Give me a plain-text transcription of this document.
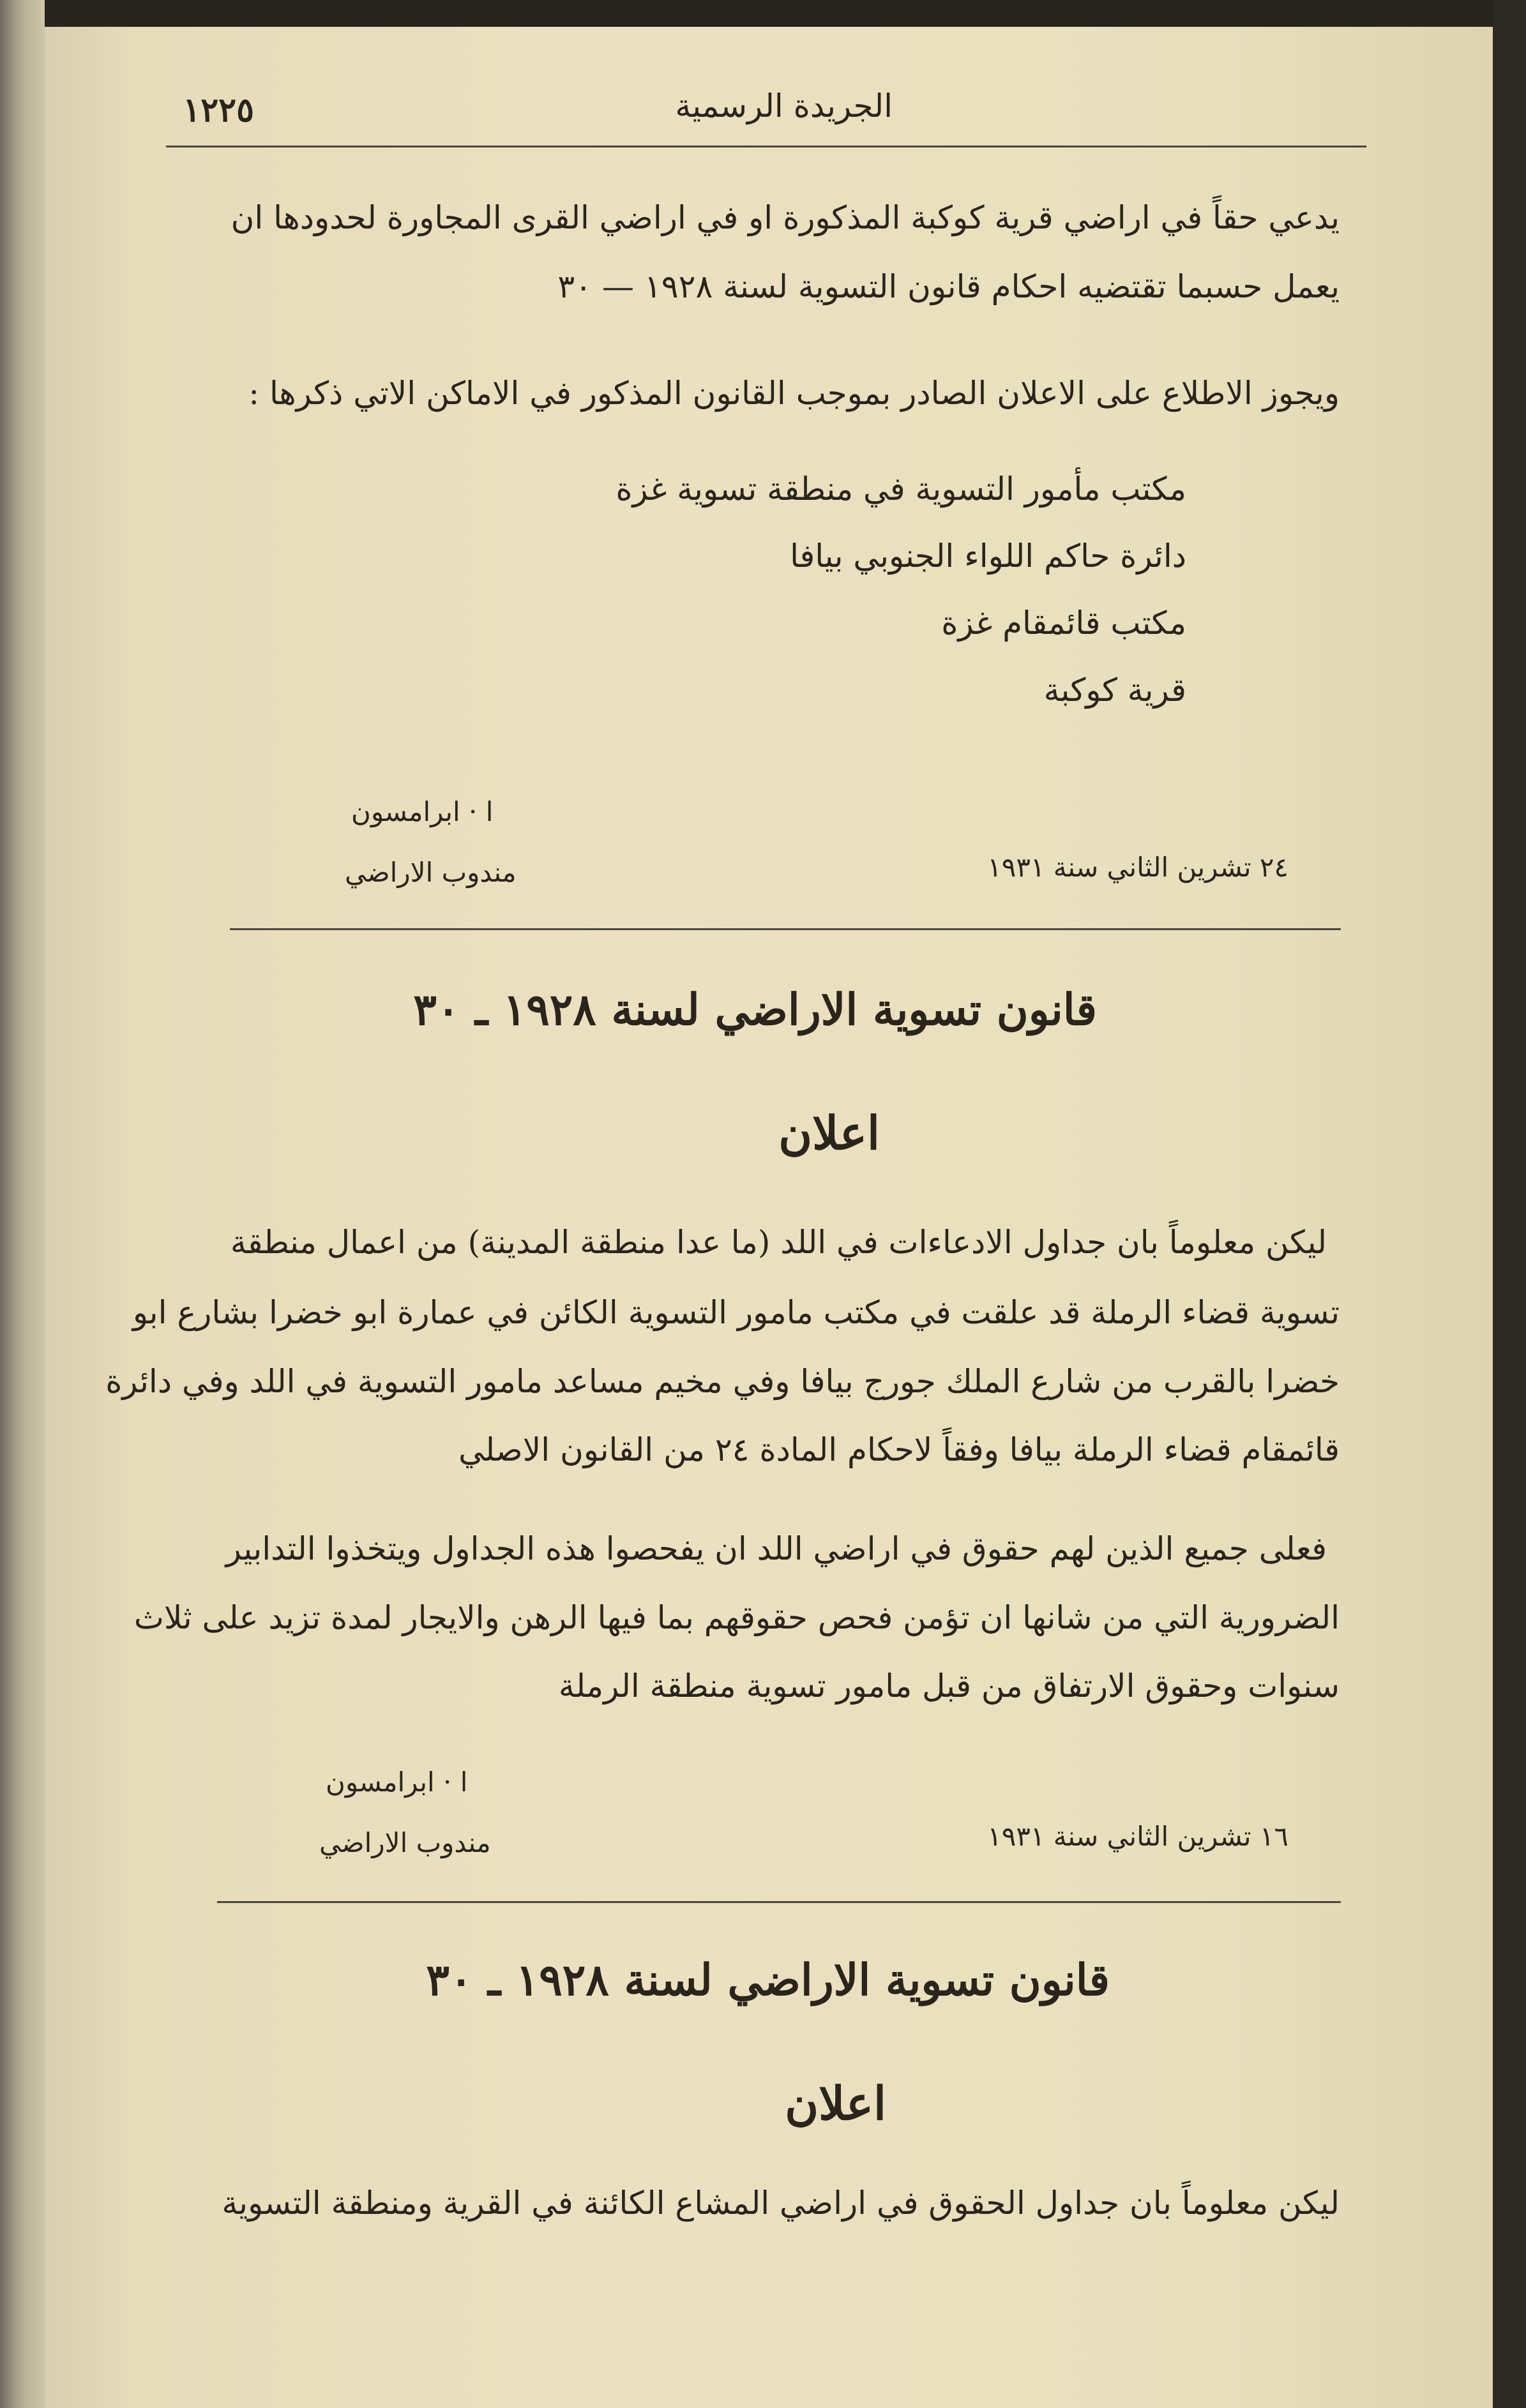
١٢٢٥	الجريدة الرسمية
يدعي حقاً في اراضي قرية كوكبة المذكورة او في اراضي القرى المجاورة لحدودها ان
يعمل حسبما تقتضيه احكام قانون التسوية لسنة ١٩٢٨ — ٣٠
ويجوز الاطلاع على الاعلان الصادر بموجب القانون المذكور في الاماكن الاتي ذكرها :
مكتب مأمور التسوية في منطقة تسوية غزة
دائرة حاكم اللواء الجنوبي بيافا
مكتب قائمقام غزة
قرية كوكبة
ا · ابرامسون
مندوب الاراضي	٢٤ تشرين الثاني سنة ١٩٣١
قانون تسوية الاراضي لسنة ١٩٢٨ ـ ٣٠
اعلان
ليكن معلوماً بان جداول الادعاءات في اللد (ما عدا منطقة المدينة) من اعمال منطقة
تسوية قضاء الرملة قد علقت في مكتب مامور التسوية الكائن في عمارة ابو خضرا بشارع ابو
خضرا بالقرب من شارع الملك جورج بيافا وفي مخيم مساعد مامور التسوية في اللد وفي دائرة
قائمقام قضاء الرملة بيافا وفقاً لاحكام المادة ٢٤ من القانون الاصلي
فعلى جميع الذين لهم حقوق في اراضي اللد ان يفحصوا هذه الجداول ويتخذوا التدابير
الضرورية التي من شانها ان تؤمن فحص حقوقهم بما فيها الرهن والايجار لمدة تزيد على ثلاث
سنوات وحقوق الارتفاق من قبل مامور تسوية منطقة الرملة
ا · ابرامسون
مندوب الاراضي	١٦ تشرين الثاني سنة ١٩٣١
قانون تسوية الاراضي لسنة ١٩٢٨ ـ ٣٠
اعلان
ليكن معلوماً بان جداول الحقوق في اراضي المشاع الكائنة في القرية ومنطقة التسوية
